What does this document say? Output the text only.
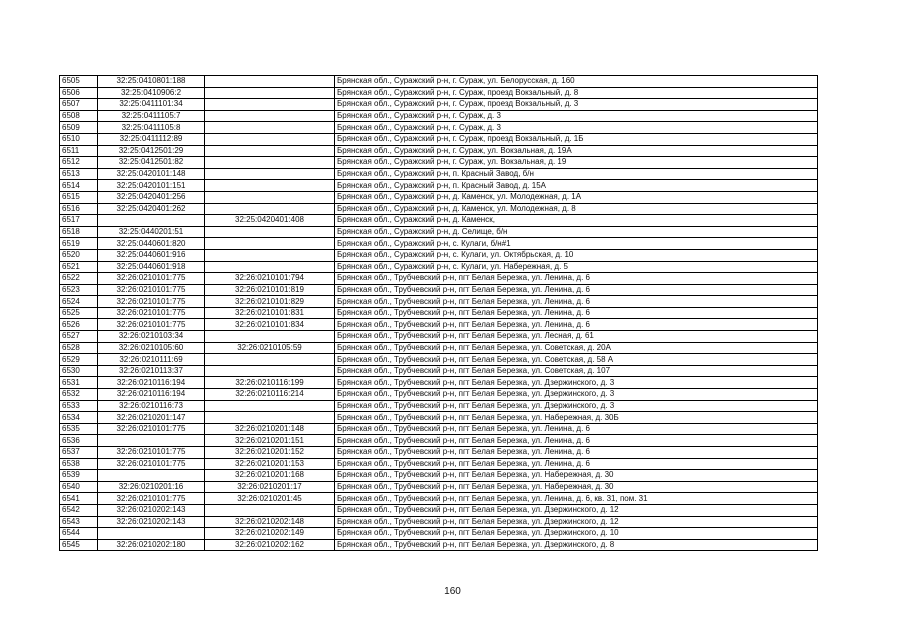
6505	32:25:0410801:188		Брянская обл., Суражский р-н, г. Сураж, ул. Белорусская, д. 160
6506	32:25:0410906:2		Брянская обл., Суражский р-н, г. Сураж, проезд Вокзальный, д. 8
6507	32:25:0411101:34		Брянская обл., Суражский р-н, г. Сураж, проезд Вокзальный, д. 3
6508	32:25:0411105:7		Брянская обл., Суражский р-н, г. Сураж, д. 3
6509	32:25:0411105:8		Брянская обл., Суражский р-н, г. Сураж, д. 3
6510	32:25:0411112:89		Брянская обл., Суражский р-н, г. Сураж, проезд Вокзальный, д. 1Б
6511	32:25:0412501:29		Брянская обл., Суражский р-н, г. Сураж, ул. Вокзальная, д. 19А
6512	32:25:0412501:82		Брянская обл., Суражский р-н, г. Сураж, ул. Вокзальная, д. 19
6513	32:25:0420101:148		Брянская обл., Суражский р-н, п. Красный Завод, б/н
6514	32:25:0420101:151		Брянская обл., Суражский р-н, п. Красный Завод, д. 15А
6515	32:25:0420401:256		Брянская обл., Суражский р-н, д. Каменск, ул. Молодежная, д. 1А
6516	32:25:0420401:262		Брянская обл., Суражский р-н, д. Каменск, ул. Молодежная, д. 8
6517		32:25:0420401:408	Брянская обл., Суражский р-н, д. Каменск,
6518	32:25:0440201:51		Брянская обл., Суражский р-н, д. Селище, б/н
6519	32:25:0440601:820		Брянская обл., Суражский р-н, с. Кулаги, б/н#1
6520	32:25:0440601:916		Брянская обл., Суражский р-н, с. Кулаги, ул. Октябрьская, д. 10
6521	32:25:0440601:918		Брянская обл., Суражский р-н, с. Кулаги, ул. Набережная, д. 5
6522	32:26:0210101:775	32:26:0210101:794	Брянская обл., Трубчевский р-н, пгт Белая Березка, ул. Ленина, д. 6
6523	32:26:0210101:775	32:26:0210101:819	Брянская обл., Трубчевский р-н, пгт Белая Березка, ул. Ленина, д. 6
6524	32:26:0210101:775	32:26:0210101:829	Брянская обл., Трубчевский р-н, пгт Белая Березка, ул. Ленина, д. 6
6525	32:26:0210101:775	32:26:0210101:831	Брянская обл., Трубчевский р-н, пгт Белая Березка, ул. Ленина, д. 6
6526	32:26:0210101:775	32:26:0210101:834	Брянская обл., Трубчевский р-н, пгт Белая Березка, ул. Ленина, д. 6
6527	32:26:0210103:34		Брянская обл., Трубчевский р-н, пгт Белая Березка, ул. Лесная, д. 61
6528	32:26:0210105:60	32:26:0210105:59	Брянская обл., Трубчевский р-н, пгт Белая Березка, ул. Советская, д. 20А
6529	32:26:0210111:69		Брянская обл., Трубчевский р-н, пгт Белая Березка, ул. Советская, д. 58 А
6530	32:26:0210113:37		Брянская обл., Трубчевский р-н, пгт Белая Березка, ул. Советская, д. 107
6531	32:26:0210116:194	32:26:0210116:199	Брянская обл., Трубчевский р-н, пгт Белая Березка, ул. Дзержинского, д. 3
6532	32:26:0210116:194	32:26:0210116:214	Брянская обл., Трубчевский р-н, пгт Белая Березка, ул. Дзержинского, д. 3
6533	32:26:0210116:73		Брянская обл., Трубчевский р-н, пгт Белая Березка, ул. Дзержинского, д. 3
6534	32:26:0210201:147		Брянская обл., Трубчевский р-н, пгт Белая Березка, ул. Набережная, д. 30Б
6535	32:26:0210101:775	32:26:0210201:148	Брянская обл., Трубчевский р-н, пгт Белая Березка, ул. Ленина, д. 6
6536		32:26:0210201:151	Брянская обл., Трубчевский р-н, пгт Белая Березка, ул. Ленина, д. 6
6537	32:26:0210101:775	32:26:0210201:152	Брянская обл., Трубчевский р-н, пгт Белая Березка, ул. Ленина, д. 6
6538	32:26:0210101:775	32:26:0210201:153	Брянская обл., Трубчевский р-н, пгт Белая Березка, ул. Ленина, д. 6
6539		32:26:0210201:168	Брянская обл., Трубчевский р-н, пгт Белая Березка, ул. Набережная, д. 30
6540	32:26:0210201:16	32:26:0210201:17	Брянская обл., Трубчевский р-н, пгт Белая Березка, ул. Набережная, д. 30
6541	32:26:0210101:775	32:26:0210201:45	Брянская обл., Трубчевский р-н, пгт Белая Березка, ул. Ленина, д. 6, кв. 31, пом. 31
6542	32:26:0210202:143		Брянская обл., Трубчевский р-н, пгт Белая Березка, ул. Дзержинского, д. 12
6543	32:26:0210202:143	32:26:0210202:148	Брянская обл., Трубчевский р-н, пгт Белая Березка, ул. Дзержинского, д. 12
6544		32:26:0210202:149	Брянская обл., Трубчевский р-н, пгт Белая Березка, ул. Дзержинского, д. 10
6545	32:26:0210202:180	32:26:0210202:162	Брянская обл., Трубчевский р-н, пгт Белая Березка, ул. Дзержинского, д. 8
160
